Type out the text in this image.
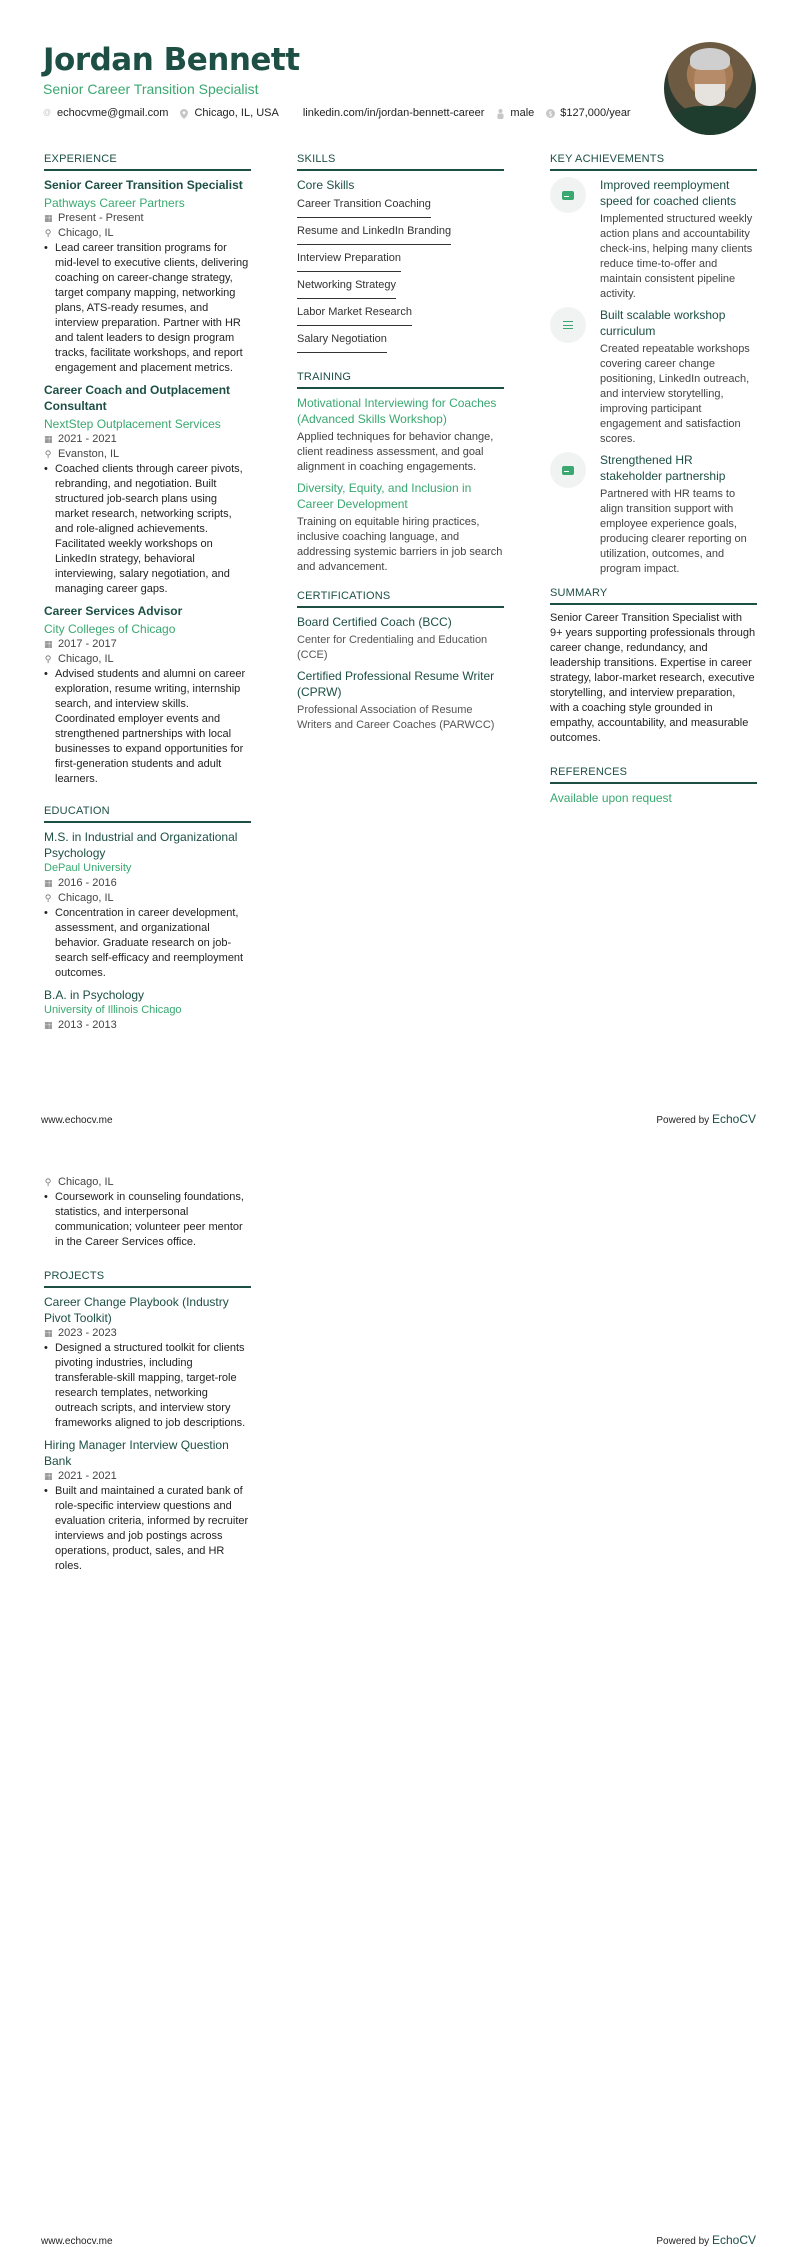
Jordan Bennett
Senior Career Transition Specialist
@ echocvme@gmail.com Chicago, IL, USA linkedin.com/in/jordan-bennett-career male $ $127,000/year
EXPERIENCE
Senior Career Transition Specialist
Pathways Career Partners
▦ Present - Present
⚲ Chicago, IL
• Lead career transition programs for mid-level to executive clients, delivering coaching on career-change strategy, target company mapping, networking plans, ATS-ready resumes, and interview preparation. Partner with HR and talent leaders to design program tracks, facilitate workshops, and report engagement and placement metrics.
Career Coach and Outplacement Consultant
NextStep Outplacement Services
▦ 2021 - 2021
⚲ Evanston, IL
• Coached clients through career pivots, rebranding, and negotiation. Built structured job-search plans using market research, networking scripts, and role-aligned achievements. Facilitated weekly workshops on LinkedIn strategy, behavioral interviewing, salary negotiation, and managing career gaps.
Career Services Advisor
City Colleges of Chicago
▦ 2017 - 2017
⚲ Chicago, IL
• Advised students and alumni on career exploration, resume writing, internship search, and interview skills. Coordinated employer events and strengthened partnerships with local businesses to expand opportunities for first-generation students and adult learners.
EDUCATION
M.S. in Industrial and Organizational Psychology
DePaul University
▦ 2016 - 2016
⚲ Chicago, IL
• Concentration in career development, assessment, and organizational behavior. Graduate research on job-search self-efficacy and reemployment outcomes.
B.A. in Psychology
University of Illinois Chicago
▦ 2013 - 2013
SKILLS
Core Skills
Career Transition Coaching
Resume and LinkedIn Branding
Interview Preparation
Networking Strategy
Labor Market Research
Salary Negotiation
TRAINING
Motivational Interviewing for Coaches (Advanced Skills Workshop)
Applied techniques for behavior change, client readiness assessment, and goal alignment in coaching engagements.
Diversity, Equity, and Inclusion in Career Development
Training on equitable hiring practices, inclusive coaching language, and addressing systemic barriers in job search and advancement.
CERTIFICATIONS
Board Certified Coach (BCC)
Center for Credentialing and Education (CCE)
Certified Professional Resume Writer (CPRW)
Professional Association of Resume Writers and Career Coaches (PARWCC)
KEY ACHIEVEMENTS
Improved reemployment speed for coached clients
Implemented structured weekly action plans and accountability check-ins, helping many clients reduce time-to-offer and maintain consistent pipeline activity.
Built scalable workshop curriculum
Created repeatable workshops covering career change positioning, LinkedIn outreach, and interview storytelling, improving participant engagement and satisfaction scores.
Strengthened HR stakeholder partnership
Partnered with HR teams to align transition support with employee experience goals, producing clearer reporting on utilization, outcomes, and program impact.
SUMMARY
Senior Career Transition Specialist with 9+ years supporting professionals through career change, redundancy, and leadership transitions. Expertise in career strategy, labor-market research, executive storytelling, and interview preparation, with a coaching style grounded in empathy, accountability, and measurable outcomes.
REFERENCES
Available upon request
www.echocv.me	Powered by EchoCV
⚲ Chicago, IL
• Coursework in counseling foundations, statistics, and interpersonal communication; volunteer peer mentor in the Career Services office.
PROJECTS
Career Change Playbook (Industry Pivot Toolkit)
▦ 2023 - 2023
• Designed a structured toolkit for clients pivoting industries, including transferable-skill mapping, target-role research templates, networking outreach scripts, and interview story frameworks aligned to job descriptions.
Hiring Manager Interview Question Bank
▦ 2021 - 2021
• Built and maintained a curated bank of role-specific interview questions and evaluation criteria, informed by recruiter interviews and job postings across operations, product, sales, and HR roles.
www.echocv.me	Powered by EchoCV
